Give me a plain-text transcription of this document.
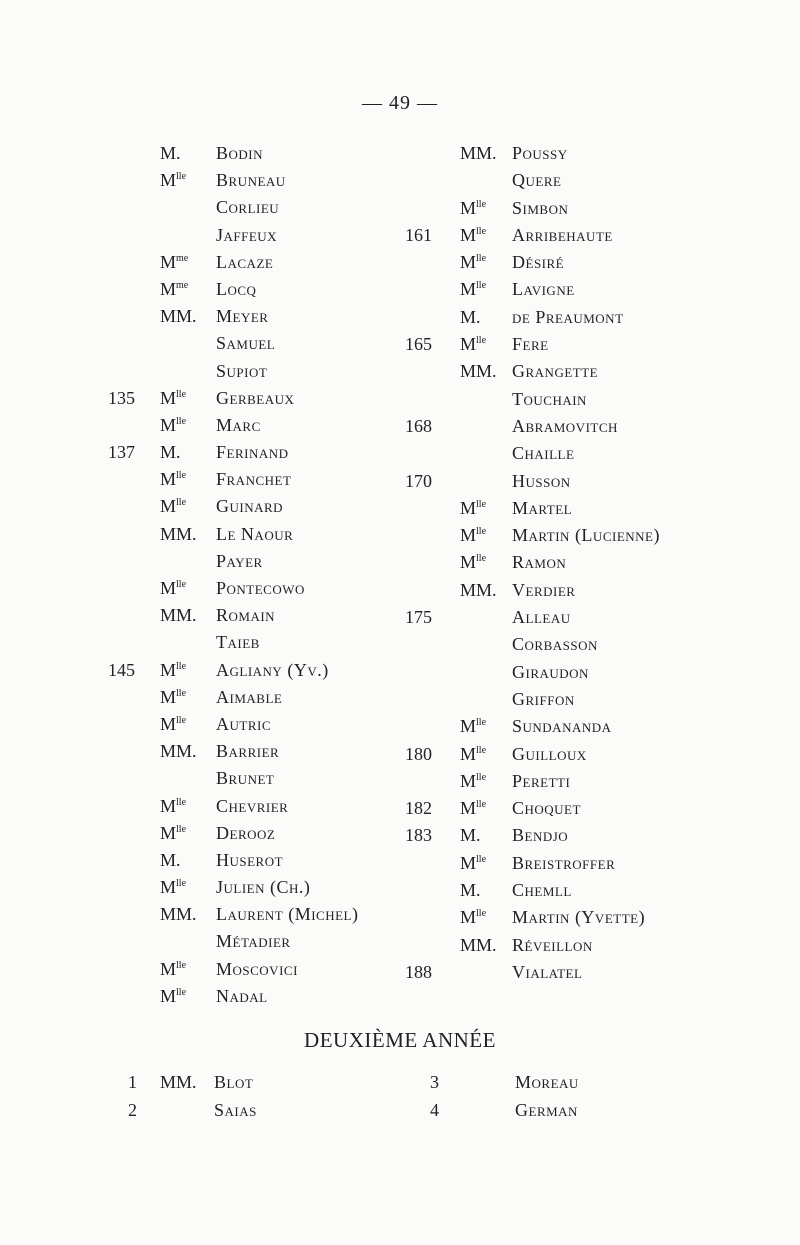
— 49 —
M. Bodin
$M^{lle}$ Bruneau
Corlieu
Jaffeux
$M^{me}$ Lacaze
$M^{me}$ Locq
MM. Meyer
Samuel
Supiot
135	$M^{lle}$ Gerbeaux
$M^{lle}$ Marc
137	M. Ferinand
$M^{lle}$ Franchet
$M^{lle}$ Guinard
MM. Le Naour
Payer
$M^{lle}$ Pontecowo
MM. Romain
Taieb
145	$M^{lle}$ Agliany (Yv.)
$M^{lle}$ Aimable
$M^{lle}$ Autric
MM. Barrier
Brunet
$M^{lle}$ Chevrier
$M^{lle}$ Derooz
M. Huserot
$M^{lle}$ Julien (Ch.)
MM. Laurent (Michel)
Métadier
$M^{lle}$ Moscovici
$M^{lle}$ Nadal
MM. Poussy
Quere
$M^{lle}$ Simbon
161	$M^{lle}$ Arribehaute
$M^{lle}$ Désiré
$M^{lle}$ Lavigne
M. de Preaumont
165	$M^{lle}$ Fere
MM. Grangette
Touchain
168	Abramovitch
Chaille
170	Husson
$M^{lle}$ Martel
$M^{lle}$ Martin (Lucienne)
$M^{lle}$ Ramon
MM. Verdier
175	Alleau
Corbasson
Giraudon
Griffon
$M^{lle}$ Sundananda
180	$M^{lle}$ Guilloux
$M^{lle}$ Peretti
182	$M^{lle}$ Choquet
183	M. Bendjo
$M^{lle}$ Breistroffer
M. Chemll
$M^{lle}$ Martin (Yvette)
MM. Réveillon
188	Vialatel
DEUXIÈME ANNÉE
1 MM. Blot	3	Moreau
2	Saias	4	German
